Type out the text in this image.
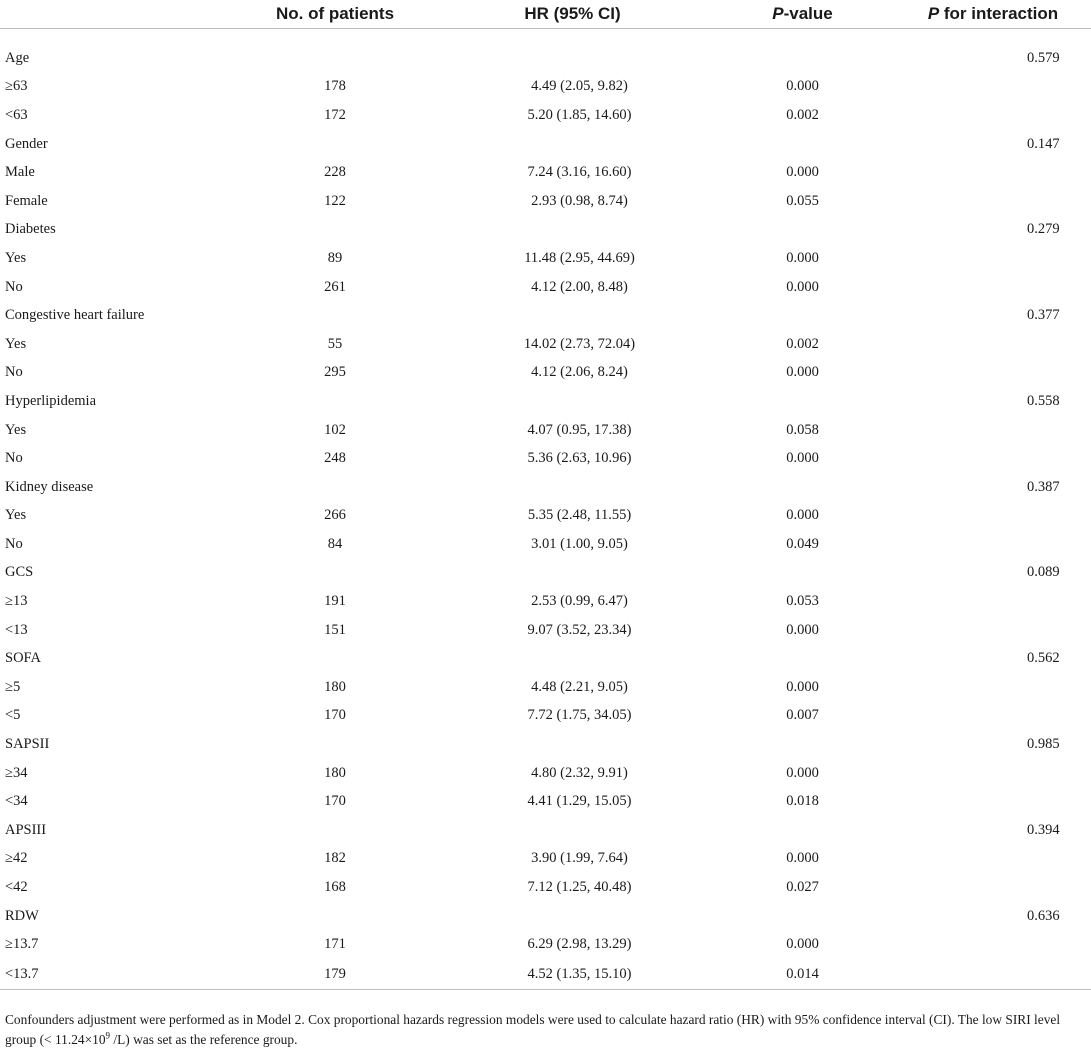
	No. of patients	HR (95% CI)	P-value	P for interaction

Age				0.579
≥63	178	4.49 (2.05, 9.82)	0.000	
<63	172	5.20 (1.85, 14.60)	0.002	
Gender				0.147
Male	228	7.24 (3.16, 16.60)	0.000	
Female	122	2.93 (0.98, 8.74)	0.055	
Diabetes				0.279
Yes	89	11.48 (2.95, 44.69)	0.000	
No	261	4.12 (2.00, 8.48)	0.000	
Congestive heart failure				0.377
Yes	55	14.02 (2.73, 72.04)	0.002	
No	295	4.12 (2.06, 8.24)	0.000	
Hyperlipidemia				0.558
Yes	102	4.07 (0.95, 17.38)	0.058	
No	248	5.36 (2.63, 10.96)	0.000	
Kidney disease				0.387
Yes	266	5.35 (2.48, 11.55)	0.000	
No	84	3.01 (1.00, 9.05)	0.049	
GCS				0.089
≥13	191	2.53 (0.99, 6.47)	0.053	
<13	151	9.07 (3.52, 23.34)	0.000	
SOFA				0.562
≥5	180	4.48 (2.21, 9.05)	0.000	
<5	170	7.72 (1.75, 34.05)	0.007	
SAPSII				0.985
≥34	180	4.80 (2.32, 9.91)	0.000	
<34	170	4.41 (1.29, 15.05)	0.018	
APSIII				0.394
≥42	182	3.90 (1.99, 7.64)	0.000	
<42	168	7.12 (1.25, 40.48)	0.027	
RDW				0.636
≥13.7	171	6.29 (2.98, 13.29)	0.000	
<13.7	179	4.52 (1.35, 15.10)	0.014	
Confounders adjustment were performed as in Model 2. Cox proportional hazards regression models were used to calculate hazard ratio (HR) with 95% confidence interval (CI). The low SIRI level group (< $11.24\times 10^9$ /L) was set as the reference group.
